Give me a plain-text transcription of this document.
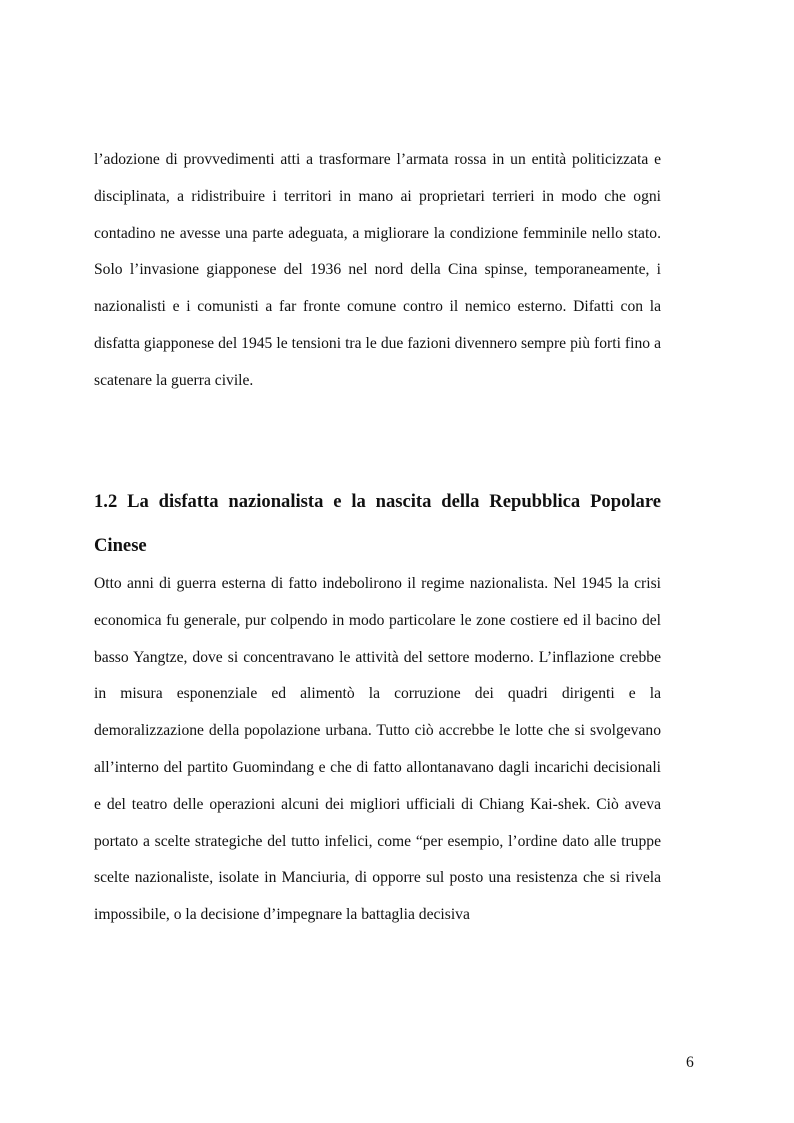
l’adozione di provvedimenti atti a trasformare l’armata rossa in un entità politicizzata e disciplinata, a ridistribuire i territori in mano ai proprietari terrieri in modo che ogni contadino ne avesse una parte adeguata, a migliorare la condizione femminile nello stato. Solo l’invasione giapponese del 1936 nel nord della Cina spinse, temporaneamente, i nazionalisti e i comunisti a far fronte comune contro il nemico esterno. Difatti con la disfatta giapponese del 1945 le tensioni tra le due fazioni divennero sempre più forti fino a scatenare la guerra civile.

1.2 La disfatta nazionalista e la nascita della Repubblica Popolare Cinese

Otto anni di guerra esterna di fatto indebolirono il regime nazionalista. Nel 1945 la crisi economica fu generale, pur colpendo in modo particolare le zone costiere ed il bacino del basso Yangtze, dove si concentravano le attività del settore moderno. L’inflazione crebbe in misura esponenziale ed alimentò la corruzione dei quadri dirigenti e la demoralizzazione della popolazione urbana. Tutto ciò accrebbe le lotte che si svolgevano all’interno del partito Guomindang e che di fatto allontanavano dagli incarichi decisionali e del teatro delle operazioni alcuni dei migliori ufficiali di Chiang Kai-shek. Ciò aveva portato a scelte strategiche del tutto infelici, come “per esempio, l’ordine dato alle truppe scelte nazionaliste, isolate in Manciuria, di opporre sul posto una resistenza che si rivela impossibile, o la decisione d’impegnare la battaglia decisiva

6
